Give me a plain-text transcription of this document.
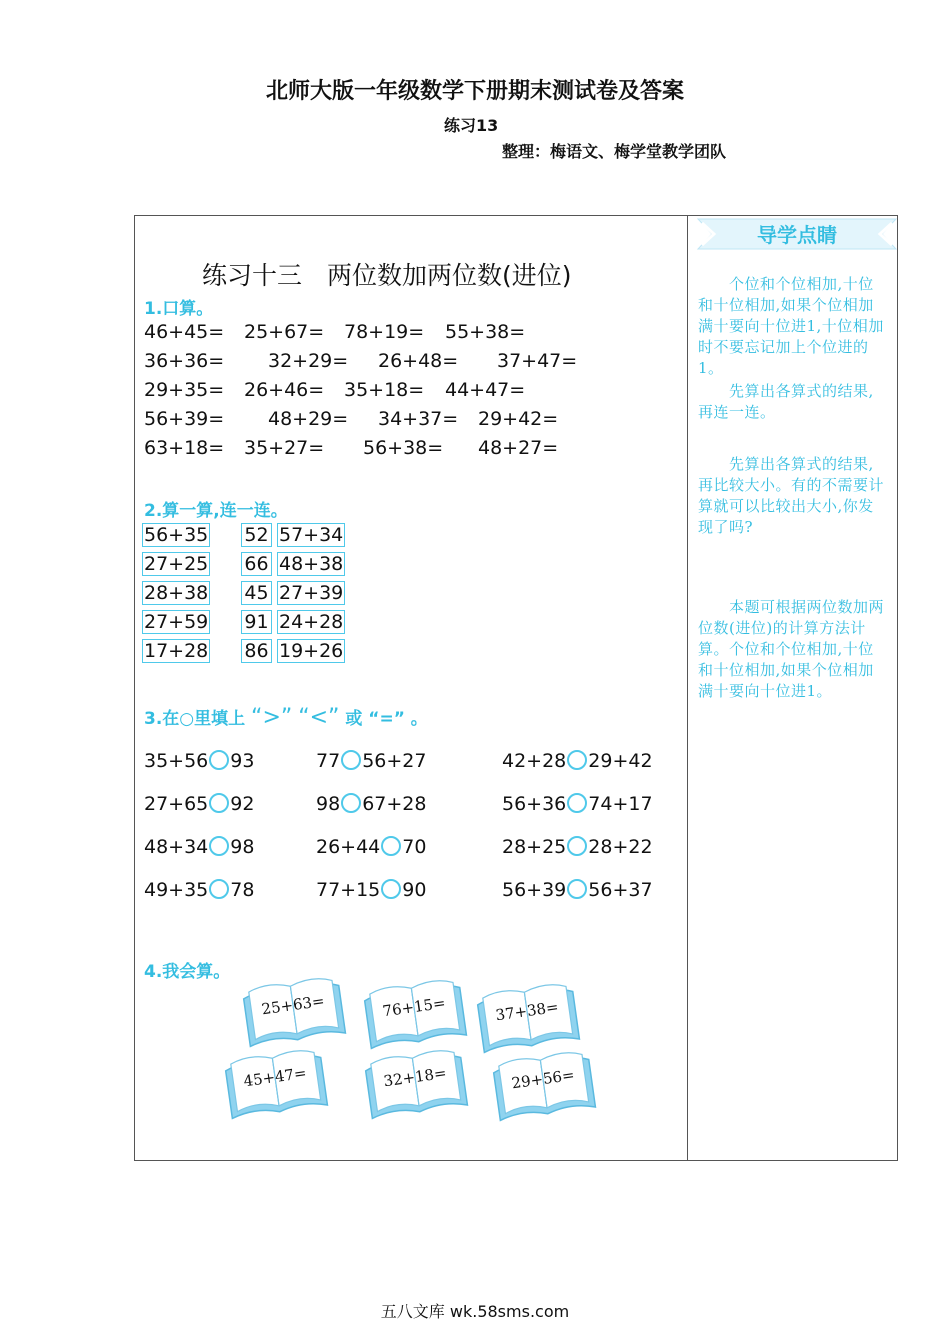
北师大版一年级数学下册期末测试卷及答案
练习13
整理：梅语文、梅学堂教学团队
练习十三　两位数加两位数(进位)
1.口算。
46+45= 25+67= 78+19= 55+38=
36+36= 32+29= 26+48= 37+47=
29+35= 26+46= 35+18= 44+47=
56+39= 48+29= 34+37= 29+42=
63+18= 35+27= 56+38= 48+27=
2.算一算,连一连。
56+35 52 57+34
27+25 66 48+38
28+38 45 27+39
27+59 91 24+28
17+28 86 19+26
3.在○里填上 “>” “<” 或 “=” 。
35+56 93	77 56+27	42+28 29+42
27+65 92	98 67+28	56+36 74+17
48+34 98	26+44 70	28+25 28+22
49+35 78	77+15 90	56+39 56+37
4.我会算。
25+63=	76+15=	37+38=
45+47=	32+18=	29+56=
导学点睛
　　个位和个位相加,十位和十位相加,如果个位相加满十要向十位进1,十位相加时不要忘记加上个位进的1。
　　先算出各算式的结果,再连一连。
　　先算出各算式的结果,再比较大小。有的不需要计算就可以比较出大小,你发现了吗?
　　本题可根据两位数加两位数(进位)的计算方法计算。个位和个位相加,十位和十位相加,如果个位相加满十要向十位进1。
五八文库 wk.58sms.com
